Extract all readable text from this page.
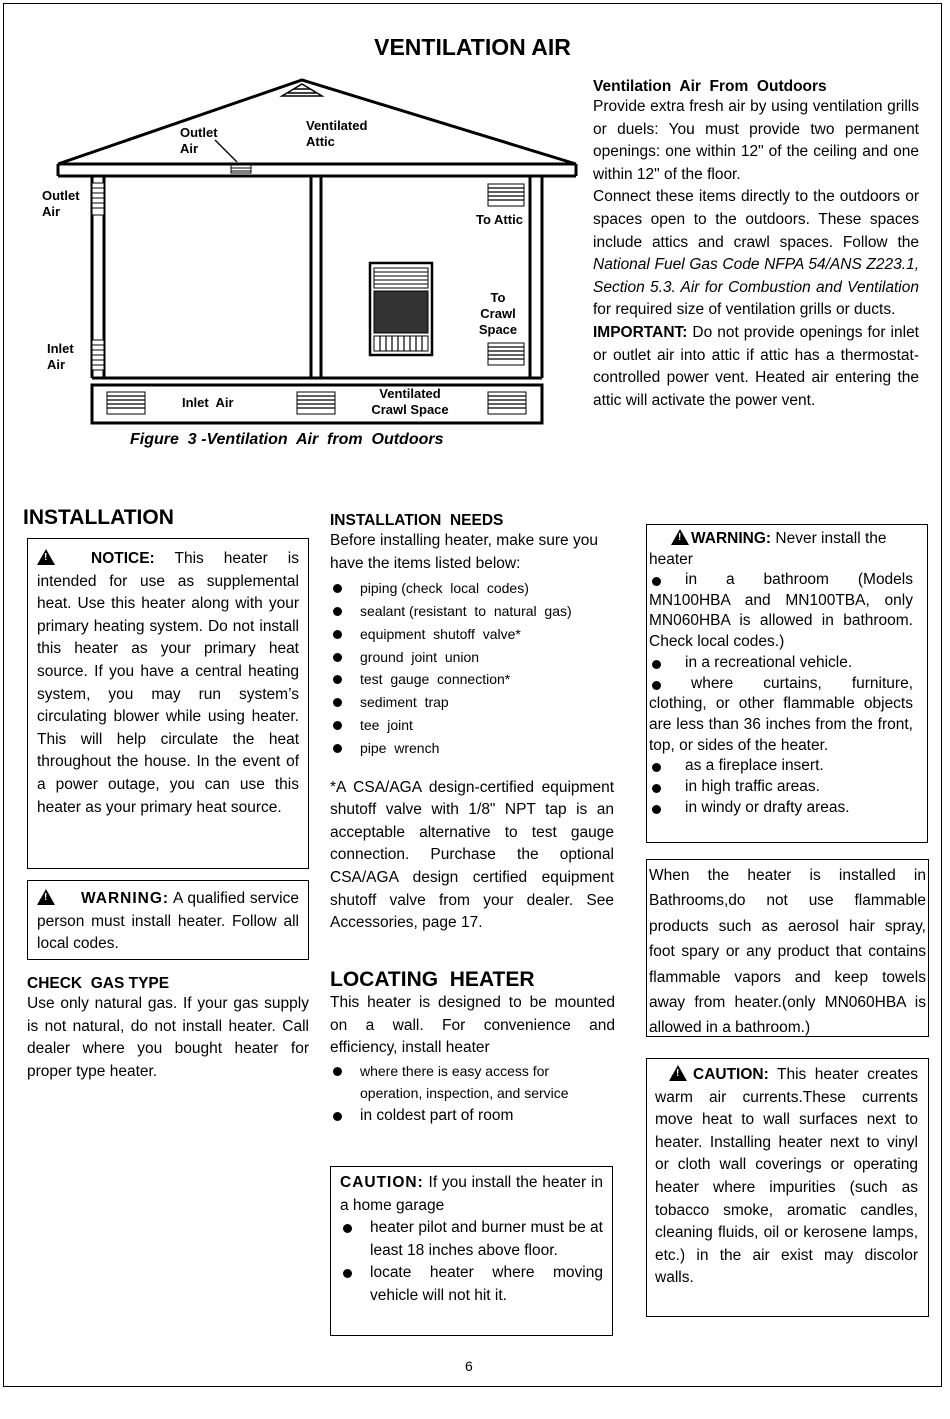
VENTILATION AIR
Outlet
Air
Ventilated
Attic
Outlet
Air
To Attic
To
Crawl
Space
Inlet
Air
Inlet  Air
Ventilated
Crawl Space
Figure  3 -Ventilation  Air  from  Outdoors
Ventilation  Air  From  Outdoors
Provide extra fresh air by using ventilation grills or duels: You must provide two permanent openings: one within 12" of the ceiling and one within 12" of the floor.
Connect these items directly to the outdoors or spaces open to the outdoors. These spaces include attics and crawl spaces. Follow the National Fuel Gas Code NFPA 54/ANS Z223.1, Section 5.3. Air for Combustion and Ventilation for required size of ventilation grills or ducts.
IMPORTANT: Do not provide openings for inlet or outlet air into attic if attic has a thermostat-controlled power vent. Heated air entering the attic will activate the power vent.
INSTALLATION
!NOTICE: This heater is intended for use as supplemental heat. Use this heater along with your primary heating system. Do not install this heater as your primary heat source. If you have a central heating system, you may run system’s circulating blower while using heater. This will help circulate the heat throughout the house. In the event of a power outage, you can use this heater as your primary heat source.
!WARNING: A qualified service person must install heater. Follow all local codes.
CHECK  GAS TYPE
Use only natural gas. If your gas supply is not natural, do not install heater. Call dealer where you bought heater for proper type heater.
INSTALLATION  NEEDS
Before installing heater, make sure you have the items listed below:
piping (check  local  codes)
sealant (resistant  to  natural  gas)
equipment  shutoff  valve*
ground  joint  union
test  gauge  connection*
sediment  trap
tee  joint
pipe  wrench
*A CSA/AGA design-certified equipment shutoff valve with 1/8" NPT tap is an acceptable alternative to test gauge connection. Purchase the optional CSA/AGA design certified equipment shutoff valve from your dealer. See Accessories, page 17.
LOCATING  HEATER
This heater is designed to be mounted on a wall. For convenience and efficiency, install heater
where there is easy access for operation, inspection, and service
in coldest part of room
CAUTION: If you install the heater in a home garage
heater pilot and burner must be at least 18 inches above floor.
locate heater where moving vehicle will not hit it.
!WARNING: Never install the heater
in a bathroom (Models MN100HBA and MN100TBA, only MN060HBA is allowed in bathroom. Check local codes.)
in a recreational vehicle.
where curtains, furniture, clothing, or other flammable objects are less than 36 inches from the front, top, or sides of the heater.
as a fireplace insert.
in high traffic areas.
in windy or drafty areas.
When the heater is installed in Bathrooms,do not use flammable products such as aerosol hair spray, foot spary or any product that contains flammable vapors and keep towels away from heater.(only MN060HBA is allowed in a bathroom.)
!CAUTION: This heater creates warm air currents.These currents move heat to wall surfaces next to heater. Installing heater next to vinyl or cloth wall coverings or operating heater where impurities (such as tobacco smoke, aromatic candles, cleaning fluids, oil or kerosene lamps, etc.) in the air exist may discolor walls.
6
